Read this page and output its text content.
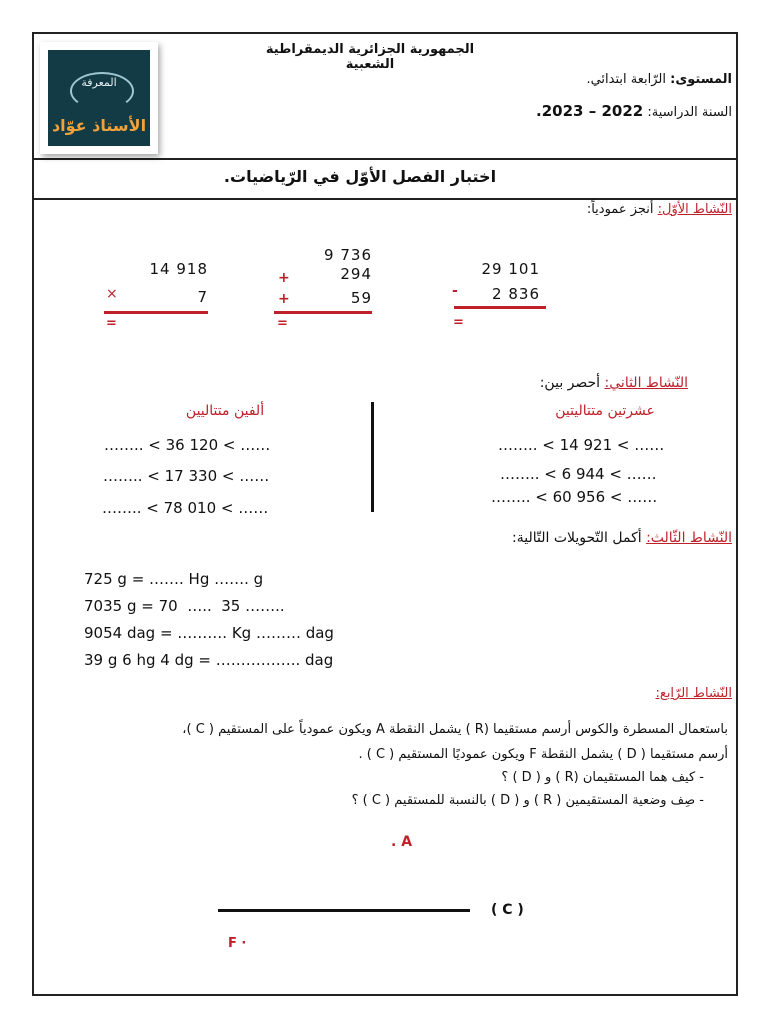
المعرفة
الأستاذ عوّاد
الجمهورية الجزائرية الديمقراطية الشعبية
المستوى: الرّابعة ابتدائي.
السنة الدراسية: 2022 – 2023.
اختبار الفصل الأوّل في الرّياضيات.
النّشاط الأوّل: أنجز عمودياً:
14 918
×	7
=
9 736
+	294
+	59
=
29 101
-	2 836
=
النّشاط الثاني: أحصر بين:
عشرتين متتاليتين
ألفين متتاليين
…….. < 14 921 < ……
…….. < 6 944 < ……
…….. < 60 956 < ……
…….. < 36 120 < ……
…….. < 17 330 < ……
…….. < 78 010 < ……
النّشاط الثّالث: أكمل التّحويلات التّالية:
725 g = ……. Hg ……. g
7035 g = 70  …..  35 ……..
9054 dag = ………. Kg ……… dag
39 g 6 hg 4 dg = …………….. dag
النّشاط الرّابع:
باستعمال المسطرة والكوس أرسم مستقيما (R ) يشمل النقطة A ويكون عمودياً على المستقيم ( C )،
أرسم مستقيما ( D ) يشمل النقطة F ويكون عموديًا المستقيم ( C ) .
- كيف هما المستقيمان (R ) و ( D ) ؟
- صِف وضعية المستقيمين ( R ) و ( D ) بالنسبة للمستقيم ( C ) ؟
. A
( C )
F ·
